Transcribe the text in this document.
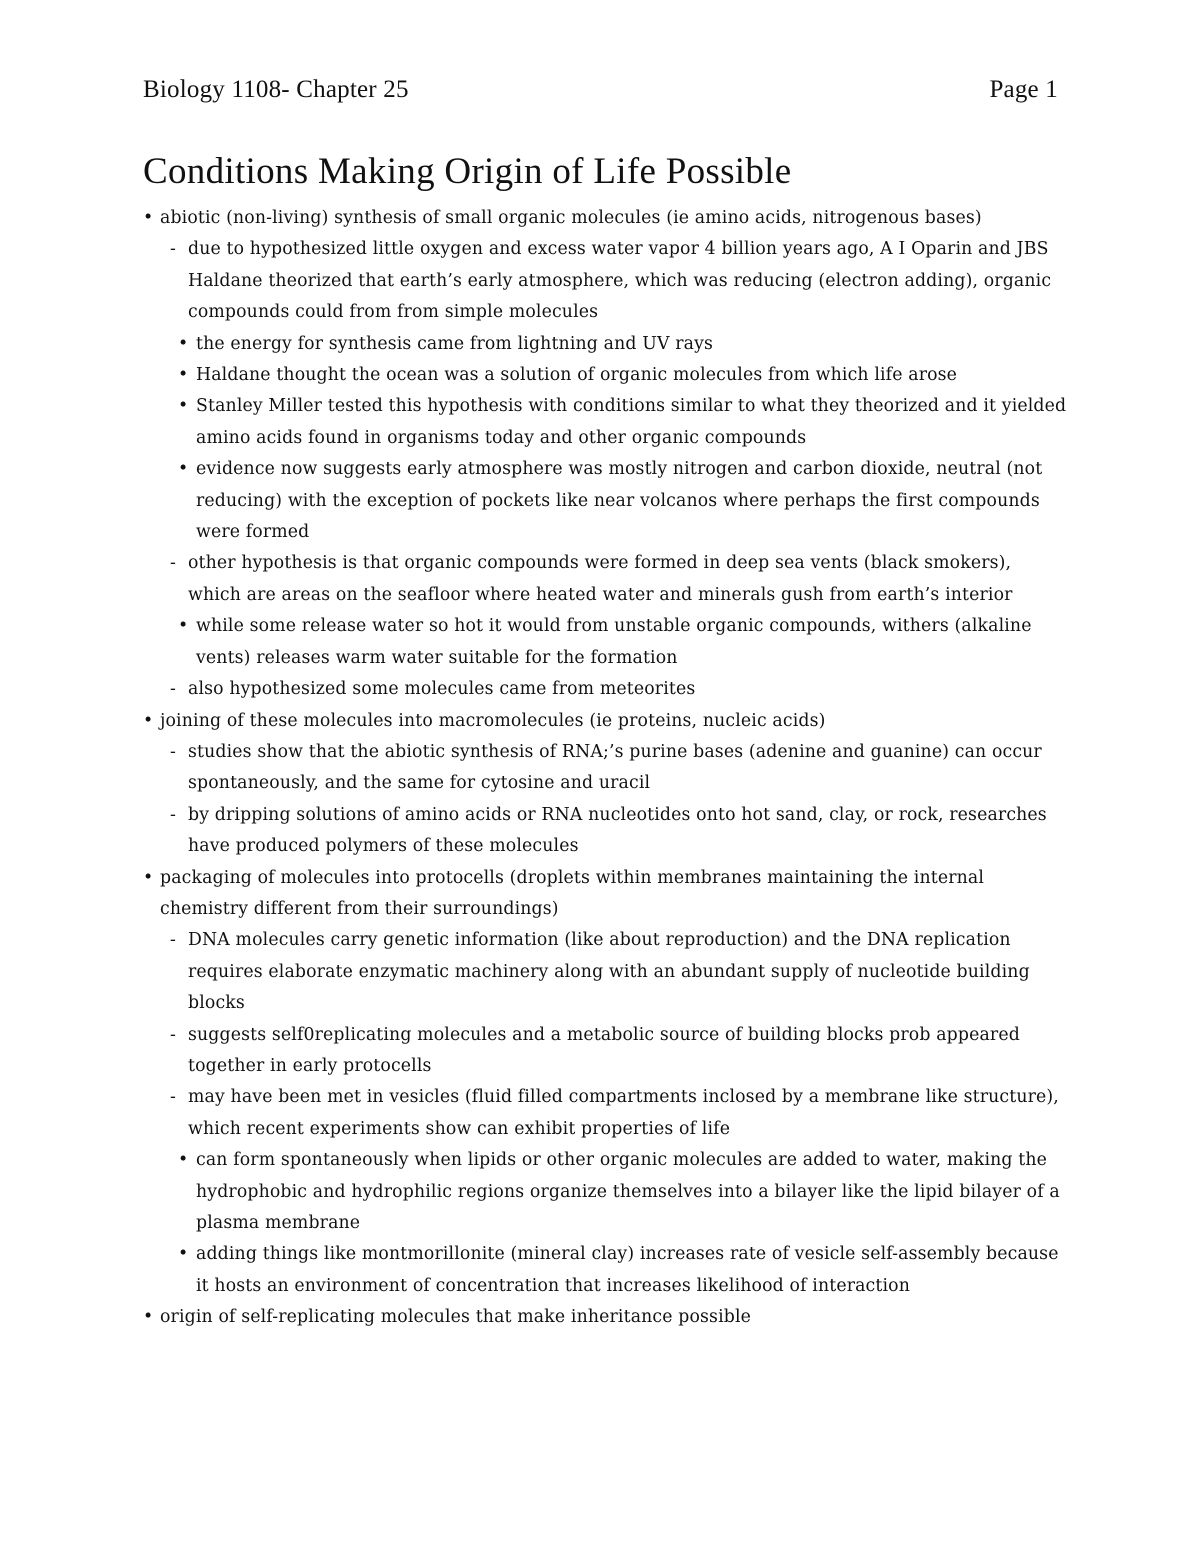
Biology 1108- Chapter 25	Page 1
Conditions Making Origin of Life Possible
• abiotic (non-living) synthesis of small organic molecules (ie amino acids, nitrogenous bases)
- due to hypothesized little oxygen and excess water vapor 4 billion years ago, A I Oparin and JBS Haldane theorized that earth’s early atmosphere, which was reducing (electron adding), organic compounds could from from simple molecules
• the energy for synthesis came from lightning and UV rays
• Haldane thought the ocean was a solution of organic molecules from which life arose
• Stanley Miller tested this hypothesis with conditions similar to what they theorized and it yielded amino acids found in organisms today and other organic compounds
• evidence now suggests early atmosphere was mostly nitrogen and carbon dioxide, neutral (not reducing) with the exception of pockets like near volcanos where perhaps the first compounds were formed
- other hypothesis is that organic compounds were formed in deep sea vents (black smokers), which are areas on the seafloor where heated water and minerals gush from earth’s interior
• while some release water so hot it would from unstable organic compounds, withers (alkaline vents) releases warm water suitable for the formation
- also hypothesized some molecules came from meteorites
• joining of these molecules into macromolecules (ie proteins, nucleic acids)
- studies show that the abiotic synthesis of RNA;’s purine bases (adenine and guanine) can occur spontaneously, and the same for cytosine and uracil
- by dripping solutions of amino acids or RNA nucleotides onto hot sand, clay, or rock, researches have produced polymers of these molecules
• packaging of molecules into protocells (droplets within membranes maintaining the internal chemistry different from their surroundings)
- DNA molecules carry genetic information (like about reproduction) and the DNA replication requires elaborate enzymatic machinery along with an abundant supply of nucleotide building blocks
- suggests self0replicating molecules and a metabolic source of building blocks prob appeared together in early protocells
- may have been met in vesicles (fluid filled compartments inclosed by a membrane like structure), which recent experiments show can exhibit properties of life
• can form spontaneously when lipids or other organic molecules are added to water, making the hydrophobic and hydrophilic regions organize themselves into a bilayer like the lipid bilayer of a plasma membrane
• adding things like montmorillonite (mineral clay) increases rate of vesicle self-assembly because it hosts an environment of concentration that increases likelihood of interaction
• origin of self-replicating molecules that make inheritance possible
